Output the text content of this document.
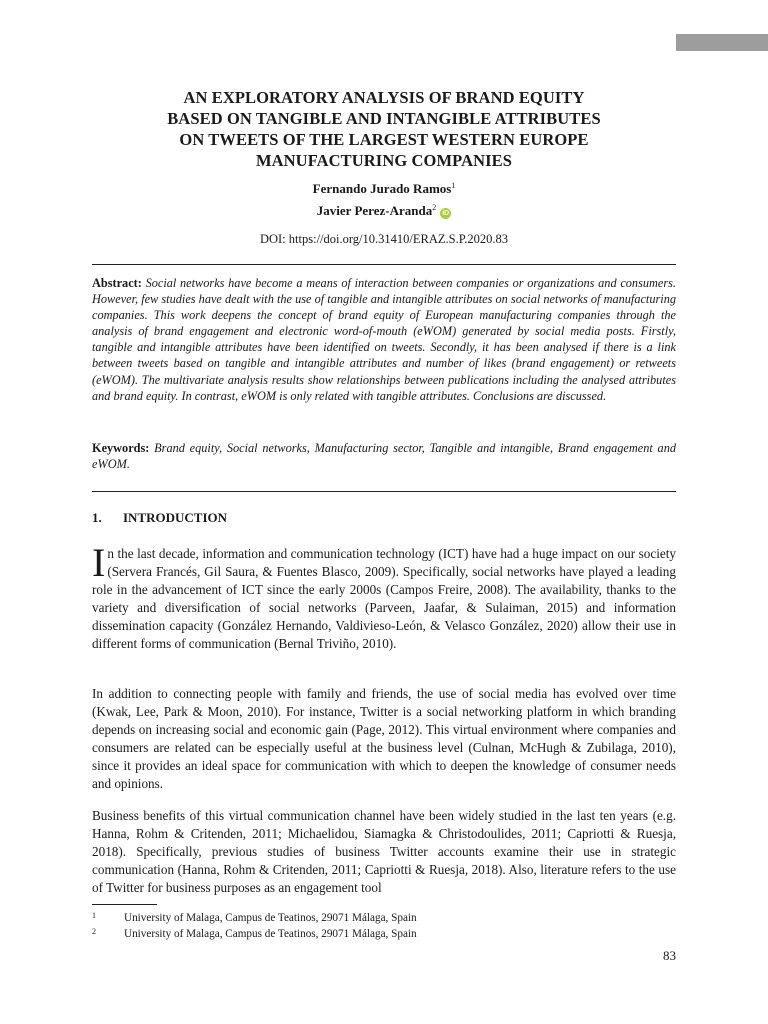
AN EXPLORATORY ANALYSIS OF BRAND EQUITY
BASED ON TANGIBLE AND INTANGIBLE ATTRIBUTES
ON TWEETS OF THE LARGEST WESTERN EUROPE
MANUFACTURING COMPANIES
Fernando Jurado Ramos$^1$
Javier Perez-Aranda$^2$iD
DOI: https://doi.org/10.31410/ERAZ.S.P.2020.83
Abstract: Social networks have become a means of interaction between companies or organizations and consumers. However, few studies have dealt with the use of tangible and intangible attributes on social networks of manufacturing companies. This work deepens the concept of brand equity of European manufacturing companies through the analysis of brand engagement and electronic word-of-mouth (eWOM) generated by social media posts. Firstly, tangible and intangible attributes have been identified on tweets. Secondly, it has been analysed if there is a link between tweets based on tangible and intangible attributes and number of likes (brand engagement) or retweets (eWOM). The multivariate analysis results show relationships between publications including the analysed attributes and brand equity. In contrast, eWOM is only related with tangible attributes. Conclusions are discussed.
Keywords: Brand equity, Social networks, Manufacturing sector, Tangible and intangible, Brand engagement and eWOM.
1. INTRODUCTION
In the last decade, information and communication technology (ICT) have had a huge impact on our society (Servera Francés, Gil Saura, & Fuentes Blasco, 2009). Specifically, social networks have played a leading role in the advancement of ICT since the early 2000s (Campos Freire, 2008). The availability, thanks to the variety and diversification of social networks (Parveen, Jaafar, & Sulaiman, 2015) and information dissemination capacity (González Hernando, Valdivieso-León, & Velasco González, 2020) allow their use in different forms of communication (Bernal Triviño, 2010).
In addition to connecting people with family and friends, the use of social media has evolved over time (Kwak, Lee, Park & Moon, 2010). For instance, Twitter is a social networking platform in which branding depends on increasing social and economic gain (Page, 2012). This virtual environment where companies and consumers are related can be especially useful at the business level (Culnan, McHugh & Zubilaga, 2010), since it provides an ideal space for communication with which to deepen the knowledge of consumer needs and opinions.
Business benefits of this virtual communication channel have been widely studied in the last ten years (e.g. Hanna, Rohm & Critenden, 2011; Michaelidou, Siamagka & Christodoulides, 2011; Capriotti & Ruesja, 2018). Specifically, previous studies of business Twitter accounts examine their use in strategic communication (Hanna, Rohm & Critenden, 2011; Capriotti & Ruesja, 2018). Also, literature refers to the use of Twitter for business purposes as an engagement tool
1	University of Malaga, Campus de Teatinos, 29071 Málaga, Spain
2	University of Malaga, Campus de Teatinos, 29071 Málaga, Spain
83
